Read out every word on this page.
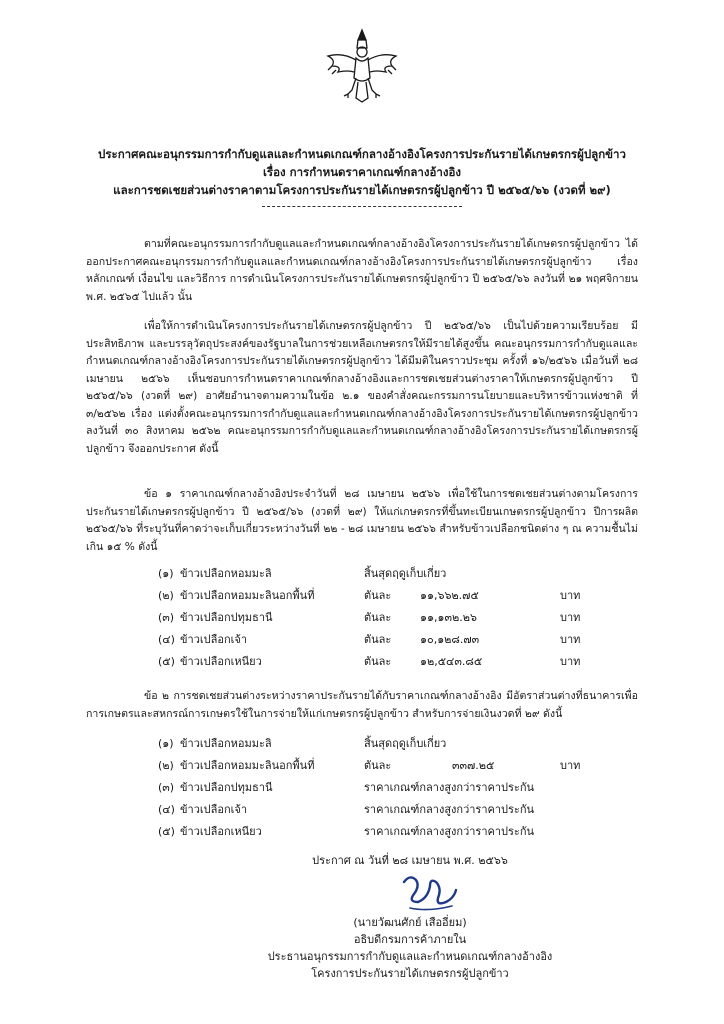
ประกาศคณะอนุกรรมการกำกับดูแลและกำหนดเกณฑ์กลางอ้างอิงโครงการประกันรายได้เกษตรกรผู้ปลูกข้าว
เรื่อง การกำหนดราคาเกณฑ์กลางอ้างอิง
และการชดเชยส่วนต่างราคาตามโครงการประกันรายได้เกษตรกรผู้ปลูกข้าว ปี ๒๕๖๕/๖๖ (งวดที่ ๒๙)
ตามที่คณะอนุกรรมการกำกับดูแลและกำหนดเกณฑ์กลางอ้างอิงโครงการประกันรายได้เกษตรกรผู้ปลูกข้าว ได้ออกประกาศคณะอนุกรรมการกำกับดูแลและกำหนดเกณฑ์กลางอ้างอิงโครงการประกันรายได้เกษตรกรผู้ปลูกข้าว เรื่อง หลักเกณฑ์ เงื่อนไข และวิธีการ การดำเนินโครงการประกันรายได้เกษตรกรผู้ปลูกข้าว ปี ๒๕๖๕/๖๖ ลงวันที่ ๒๑ พฤศจิกายน พ.ศ. ๒๕๖๕ ไปแล้ว นั้น
เพื่อให้การดำเนินโครงการประกันรายได้เกษตรกรผู้ปลูกข้าว ปี ๒๕๖๕/๖๖ เป็นไปด้วยความเรียบร้อย มีประสิทธิภาพ และบรรลุวัตถุประสงค์ของรัฐบาลในการช่วยเหลือเกษตรกรให้มีรายได้สูงขึ้น คณะอนุกรรมการกำกับดูแลและกำหนดเกณฑ์กลางอ้างอิงโครงการประกันรายได้เกษตรกรผู้ปลูกข้าว ได้มีมติในคราวประชุม ครั้งที่ ๑๖/๒๕๖๖ เมื่อวันที่ ๒๘ เมษายน ๒๕๖๖ เห็นชอบการกำหนดราคาเกณฑ์กลางอ้างอิงและการชดเชยส่วนต่างราคาให้เกษตรกรผู้ปลูกข้าว ปี ๒๕๖๕/๖๖ (งวดที่ ๒๙) อาศัยอำนาจตามความในข้อ ๒.๑ ของคำสั่งคณะกรรมการนโยบายและบริหารข้าวแห่งชาติ ที่ ๓/๒๕๖๒ เรื่อง แต่งตั้งคณะอนุกรรมการกำกับดูแลและกำหนดเกณฑ์กลางอ้างอิงโครงการประกันรายได้เกษตรกรผู้ปลูกข้าว ลงวันที่ ๓๐ สิงหาคม ๒๕๖๒ คณะอนุกรรมการกำกับดูแลและกำหนดเกณฑ์กลางอ้างอิงโครงการประกันรายได้เกษตรกรผู้ปลูกข้าว จึงออกประกาศ ดังนี้
ข้อ ๑ ราคาเกณฑ์กลางอ้างอิงประจำวันที่ ๒๘ เมษายน ๒๕๖๖ เพื่อใช้ในการชดเชยส่วนต่างตามโครงการประกันรายได้เกษตรกรผู้ปลูกข้าว ปี ๒๕๖๕/๖๖ (งวดที่ ๒๙) ให้แก่เกษตรกรที่ขึ้นทะเบียนเกษตรกรผู้ปลูกข้าว ปีการผลิต ๒๕๖๕/๖๖ ที่ระบุวันที่คาดว่าจะเก็บเกี่ยวระหว่างวันที่ ๒๒ - ๒๘ เมษายน ๒๕๖๖ สำหรับข้าวเปลือกชนิดต่าง ๆ ณ ความชื้นไม่เกิน ๑๕ % ดังนี้
(๑) ข้าวเปลือกหอมมะลิ	สิ้นสุดฤดูเก็บเกี่ยว
(๒) ข้าวเปลือกหอมมะลินอกพื้นที่	ตันละ	๑๑,๖๖๒.๗๕	บาท
(๓) ข้าวเปลือกปทุมธานี	ตันละ	๑๑,๑๓๒.๒๖	บาท
(๔) ข้าวเปลือกเจ้า	ตันละ	๑๐,๑๒๘.๗๓	บาท
(๕) ข้าวเปลือกเหนียว	ตันละ	๑๒,๕๔๓.๘๕	บาท
ข้อ ๒ การชดเชยส่วนต่างระหว่างราคาประกันรายได้กับราคาเกณฑ์กลางอ้างอิง มีอัตราส่วนต่างที่ธนาคารเพื่อการเกษตรและสหกรณ์การเกษตรใช้ในการจ่ายให้แก่เกษตรกรผู้ปลูกข้าว สำหรับการจ่ายเงินงวดที่ ๒๙ ดังนี้
(๑) ข้าวเปลือกหอมมะลิ	สิ้นสุดฤดูเก็บเกี่ยว
(๒) ข้าวเปลือกหอมมะลินอกพื้นที่	ตันละ	๓๓๗.๒๕	บาท
(๓) ข้าวเปลือกปทุมธานี	ราคาเกณฑ์กลางสูงกว่าราคาประกัน
(๔) ข้าวเปลือกเจ้า	ราคาเกณฑ์กลางสูงกว่าราคาประกัน
(๕) ข้าวเปลือกเหนียว	ราคาเกณฑ์กลางสูงกว่าราคาประกัน
ประกาศ ณ วันที่ ๒๘ เมษายน พ.ศ. ๒๕๖๖
(นายวัฒนศักย์ เสืออี่ยม)
อธิบดีกรมการค้าภายใน
ประธานอนุกรรมการกำกับดูแลและกำหนดเกณฑ์กลางอ้างอิง
โครงการประกันรายได้เกษตรกรผู้ปลูกข้าว
